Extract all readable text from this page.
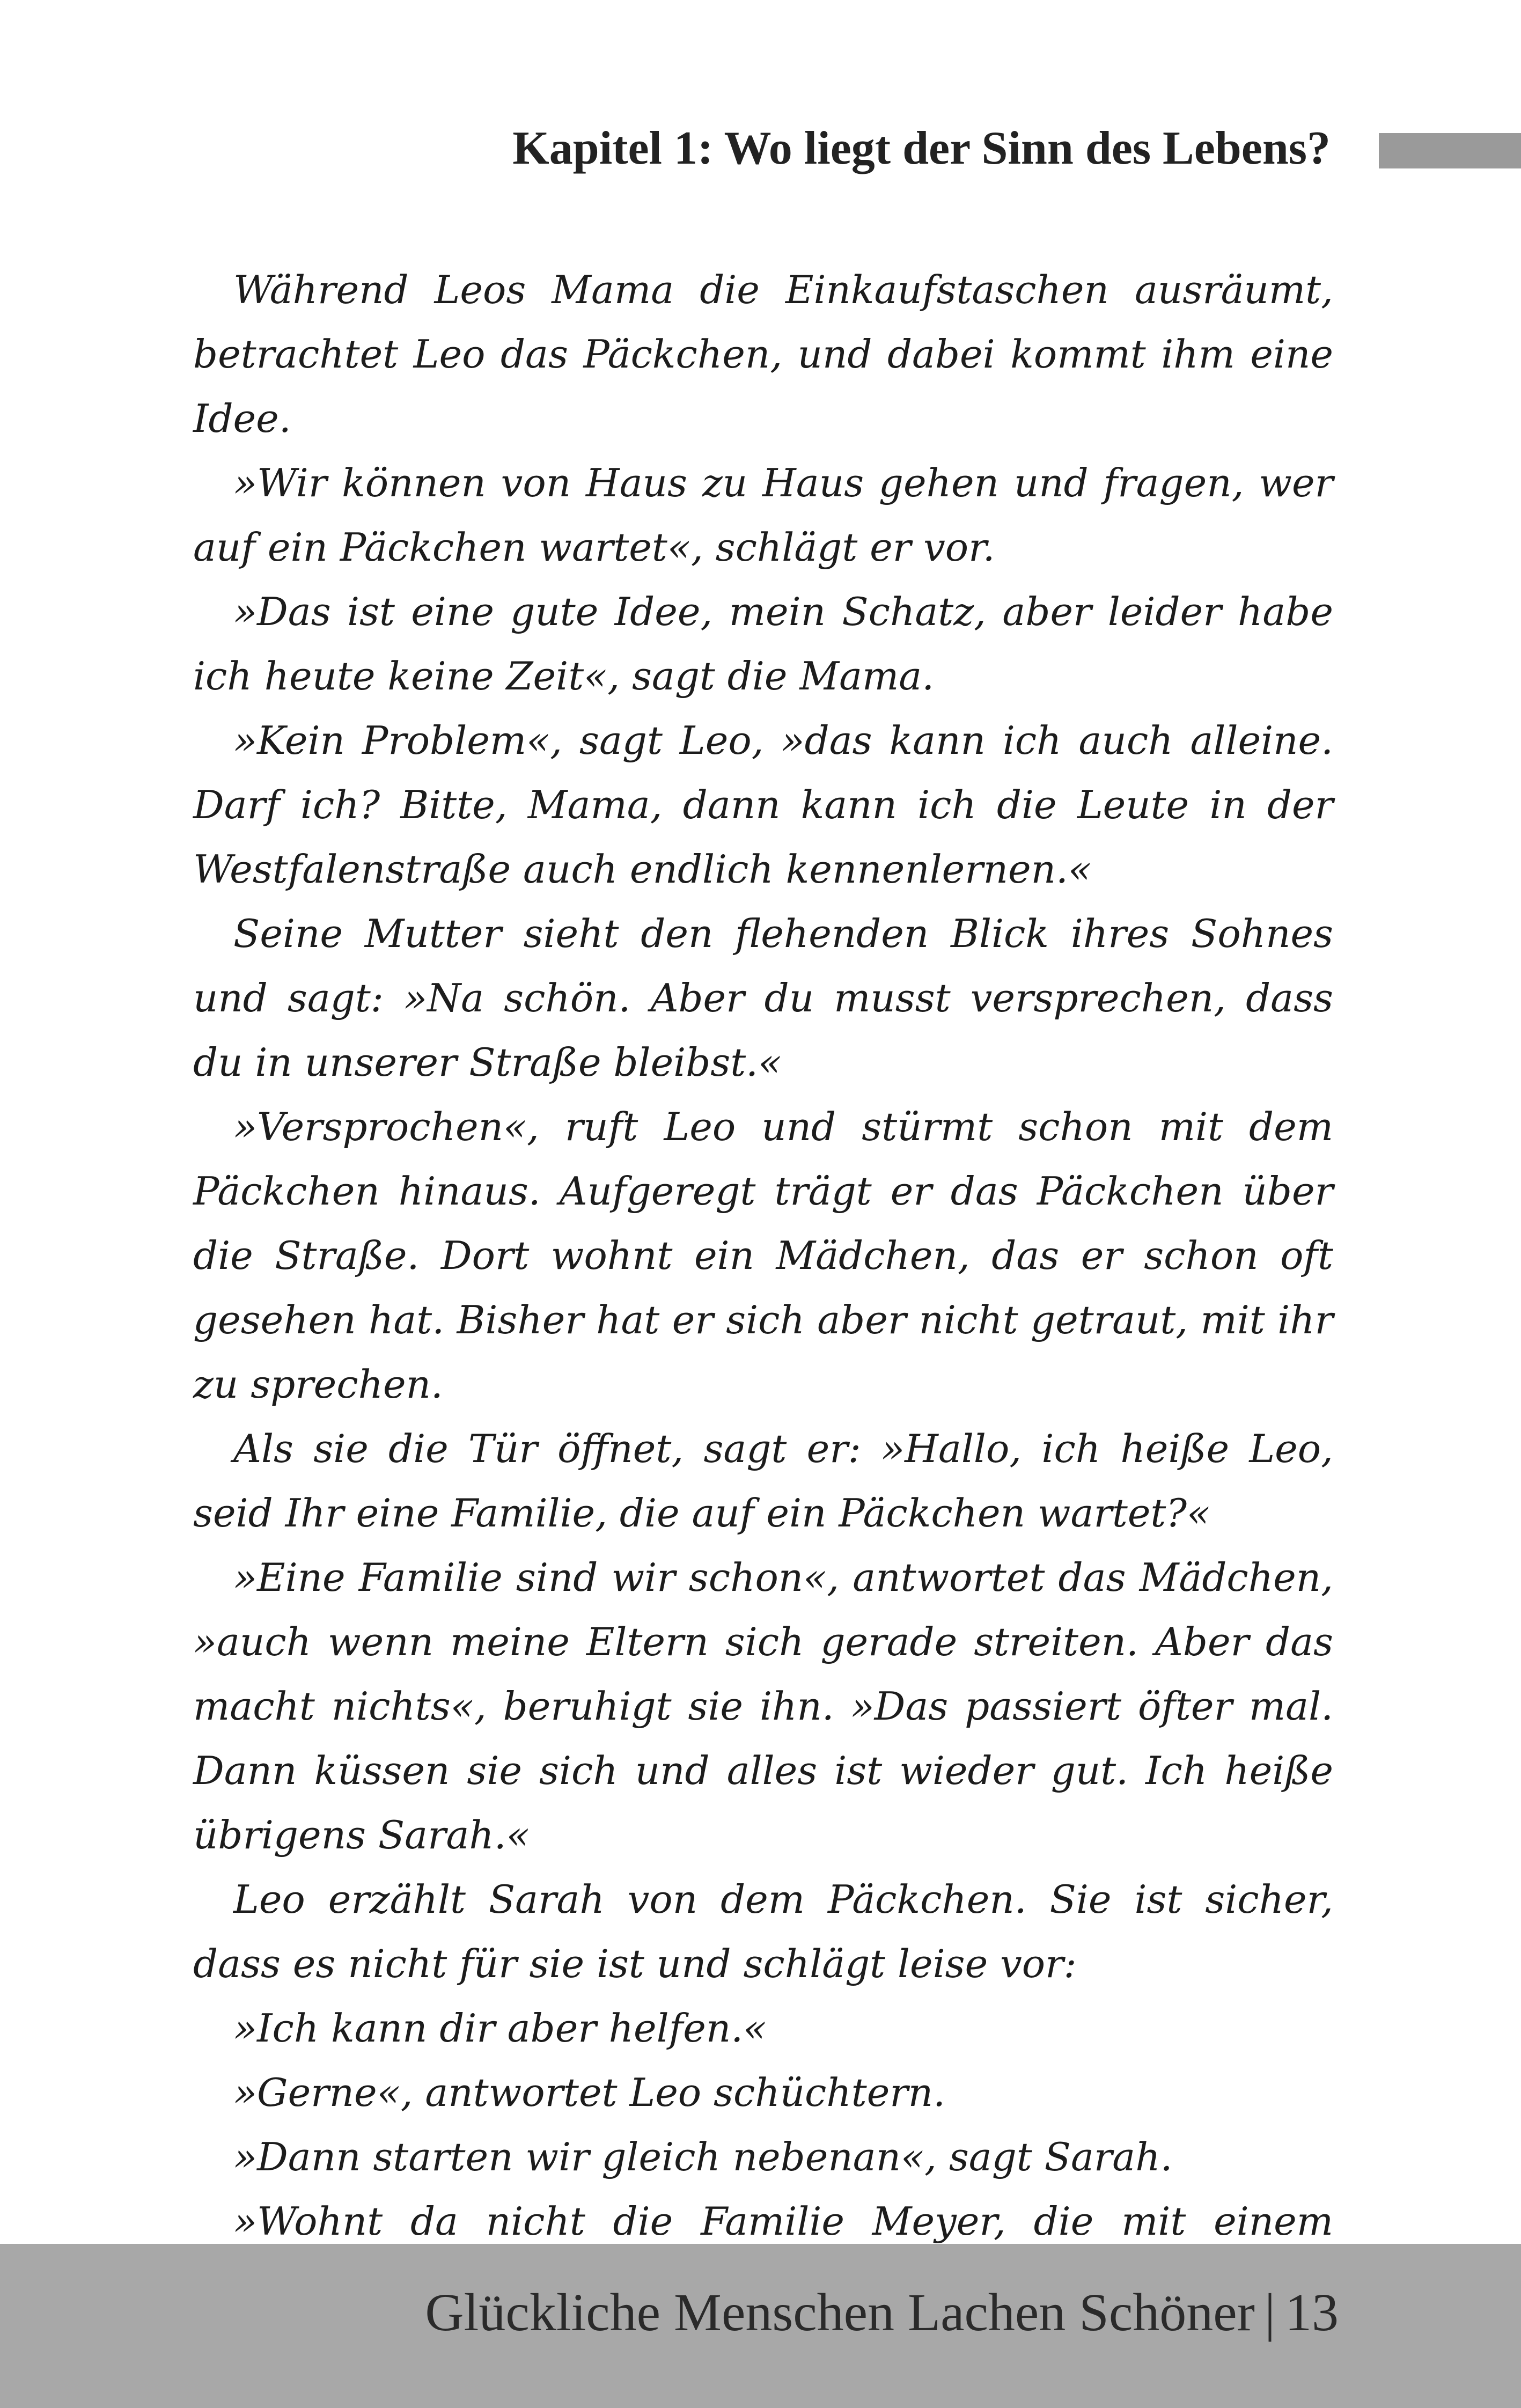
Kapitel 1: Wo liegt der Sinn des Lebens?

Während Leos Mama die Einkaufstaschen ausräumt, betrachtet Leo das Päckchen, und dabei kommt ihm eine Idee.

»Wir können von Haus zu Haus gehen und fragen, wer auf ein Päckchen wartet«, schlägt er vor.

»Das ist eine gute Idee, mein Schatz, aber leider habe ich heute keine Zeit«, sagt die Mama.

»Kein Problem«, sagt Leo, »das kann ich auch alleine. Darf ich? Bitte, Mama, dann kann ich die Leute in der Westfalenstraße auch endlich kennenlernen.«

Seine Mutter sieht den flehenden Blick ihres Sohnes und sagt: »Na schön. Aber du musst versprechen, dass du in unserer Straße bleibst.«

»Versprochen«, ruft Leo und stürmt schon mit dem Päckchen hinaus. Aufgeregt trägt er das Päckchen über die Straße. Dort wohnt ein Mädchen, das er schon oft gesehen hat. Bisher hat er sich aber nicht getraut, mit ihr zu sprechen.

Als sie die Tür öffnet, sagt er: »Hallo, ich heiße Leo, seid Ihr eine Familie, die auf ein Päckchen wartet?«

»Eine Familie sind wir schon«, antwortet das Mädchen, »auch wenn meine Eltern sich gerade streiten. Aber das macht nichts«, beruhigt sie ihn. »Das passiert öfter mal. Dann küssen sie sich und alles ist wieder gut. Ich heiße übrigens Sarah.«

Leo erzählt Sarah von dem Päckchen. Sie ist sicher, dass es nicht für sie ist und schlägt leise vor:

»Ich kann dir aber helfen.«

»Gerne«, antwortet Leo schüchtern.

»Dann starten wir gleich nebenan«, sagt Sarah.

»Wohnt da nicht die Familie Meyer, die mit einem

Glückliche Menschen Lachen Schöner | 13
